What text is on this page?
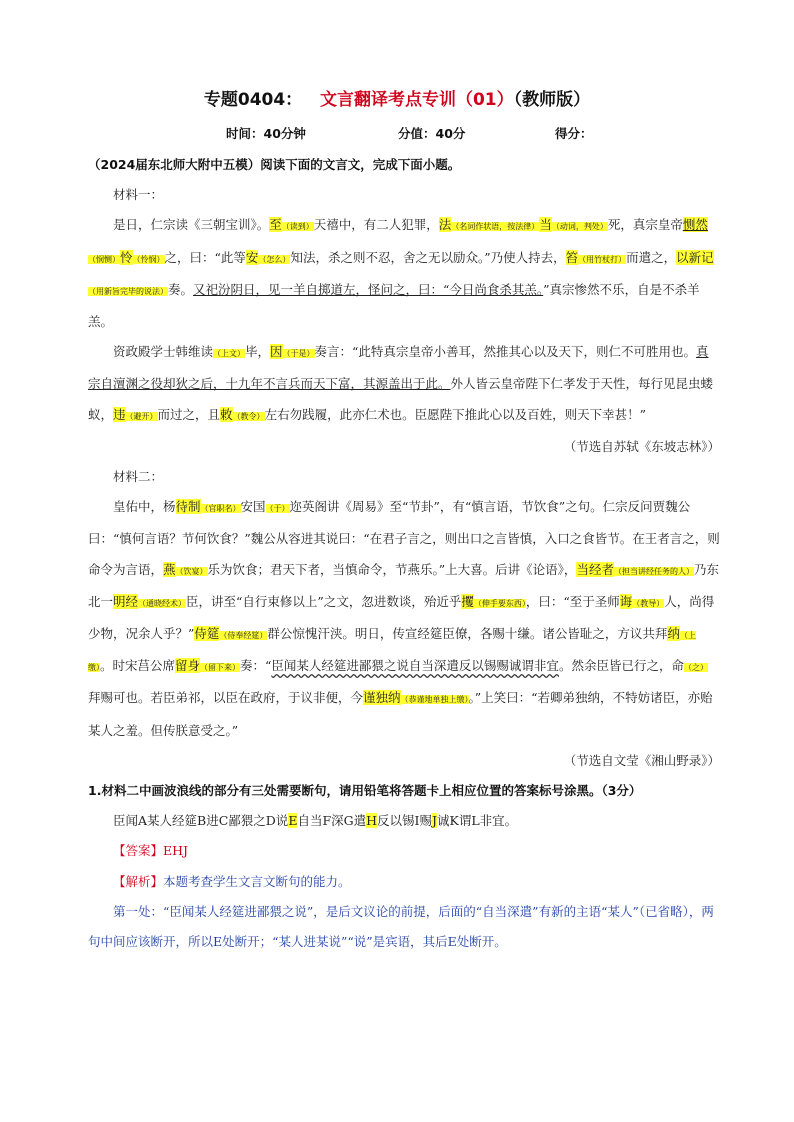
专题0404： 文言翻译考点专训（01）（教师版）
时间：40分钟	分值：40分	得分：

（2024届东北师大附中五模）阅读下面的文言文，完成下面小题。

材料一：

是日，仁宗读《三朝宝训》。至（读到）天禧中，有二人犯罪，法（名词作状语，按法律）当（动词，判处）死，真宗皇帝恻然（悯恻）怜（怜悯）之，曰：“此等安（怎么）知法，杀之则不忍，舍之无以励众。”乃使人持去，笞（用竹杖打）而遣之，以新记（用新旨完毕的说法）奏。又祀汾阴日，见一羊自掷道左，怪问之，曰：“今日尚食杀其羔。”真宗惨然不乐，自是不杀羊羔。

资政殿学士韩维读（上文）毕，因（于是）奏言：“此特真宗皇帝小善耳，然推其心以及天下，则仁不可胜用也。真宗自澶渊之役却狄之后，十九年不言兵而天下富，其源盖出于此。外人皆云皇帝陛下仁孝发于天性，每行见昆虫蝼蚁，违（避开）而过之，且敕（教令）左右勿践履，此亦仁术也。臣愿陛下推此心以及百姓，则天下幸甚！”

（节选自苏轼《东坡志林》）

材料二：

皇佑中，杨待制（官职名）安国（于）迩英阁讲《周易》至“节卦”，有“慎言语，节饮食”之句。仁宗反问贾魏公曰：“慎何言语？节何饮食？”魏公从容进其说曰：“在君子言之，则出口之言皆慎，入口之食皆节。在王者言之，则命令为言语，燕（饮宴）乐为饮食；君天下者，当慎命令，节燕乐。”上大喜。后讲《论语》，当经者（担当讲经任务的人）乃东北一明经（通晓经术）臣，讲至“自行束修以上”之文，忽进数谈，殆近乎攫（伸手要东西），曰：“至于圣师诲（教导）人，尚得少物，况余人乎？”侍筵（侍奉经筵）群公惊愧汗浃。明日，传宣经筵臣僚，各赐十缣。诸公皆耻之，方议共拜纳（上缴）。时宋莒公席留身（留下来）奏：“臣闻某人经筵进鄙猥之说自当深遣反以锡赐诚谓非宜。然余臣皆已行之，命（之）拜赐可也。若臣弟祁，以臣在政府，于议非便，今谨独纳（恭谨地单独上缴）。”上笑曰：“若卿弟独纳，不特妨诸臣，亦贻某人之羞。但传朕意受之。”

（节选自文莹《湘山野录》）

1.材料二中画波浪线的部分有三处需要断句，请用铅笔将答题卡上相应位置的答案标号涂黑。（3分）

臣闻A某人经筵B进C鄙猥之D说E自当F深G遣H反以锡I赐J诚K谓L非宜。

【答案】EHJ

【解析】本题考查学生文言文断句的能力。

第一处：“臣闻某人经筵进鄙猥之说”，是后文议论的前提，后面的“自当深遣”有新的主语“某人”（已省略），两句中间应该断开，所以E处断开；“某人进某说”“说”是宾语，其后E处断开。
